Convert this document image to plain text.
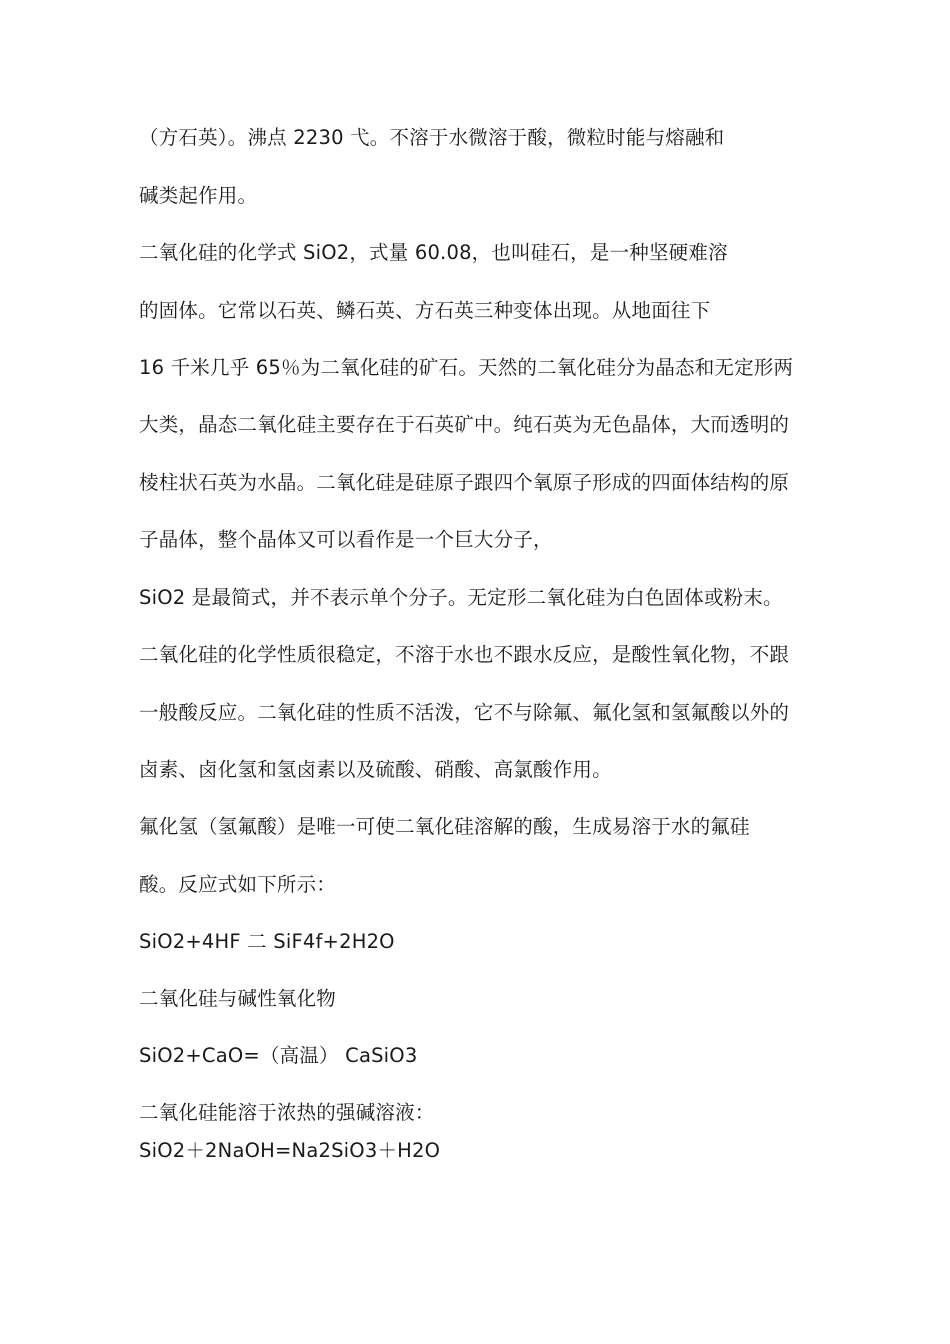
（方石英）。沸点 2230 弋。不溶于水微溶于酸，微粒时能与熔融和
碱类起作用。
二氧化硅的化学式 SiO2，式量 60.08，也叫硅石，是一种坚硬难溶
的固体。它常以石英、鳞石英、方石英三种变体出现。从地面往下
16 千米几乎 65％为二氧化硅的矿石。天然的二氧化硅分为晶态和无定形两
大类，晶态二氧化硅主要存在于石英矿中。纯石英为无色晶体，大而透明的
棱柱状石英为水晶。二氧化硅是硅原子跟四个氧原子形成的四面体结构的原
子晶体，整个晶体又可以看作是一个巨大分子，
SiO2 是最简式，并不表示单个分子。无定形二氧化硅为白色固体或粉末。
二氧化硅的化学性质很稳定，不溶于水也不跟水反应，是酸性氧化物，不跟
一般酸反应。二氧化硅的性质不活泼，它不与除氟、氟化氢和氢氟酸以外的
卤素、卤化氢和氢卤素以及硫酸、硝酸、高氯酸作用。
氟化氢（氢氟酸）是唯一可使二氧化硅溶解的酸，生成易溶于水的氟硅
酸。反应式如下所示：
SiO2+4HF 二 SiF4f+2H2O
二氧化硅与碱性氧化物
SiO2+CaO=（高温） CaSiO3
二氧化硅能溶于浓热的强碱溶液：
SiO2＋2NaOH=Na2SiO3＋H2O
